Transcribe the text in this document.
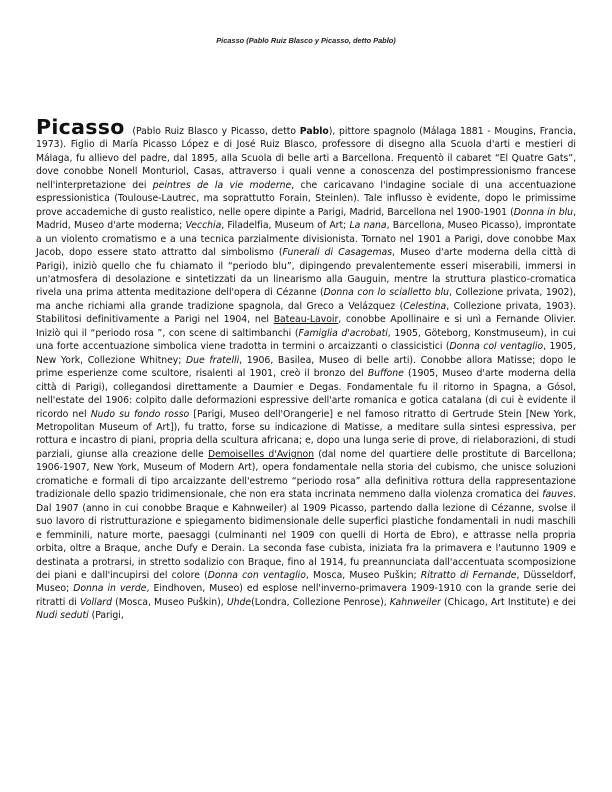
Picasso (Pablo Ruiz Blasco y Picasso, detto Pablo)

Picasso (Pablo Ruiz Blasco y Picasso, detto Pablo), pittore spagnolo (Málaga 1881 - Mougins, Francia, 1973). Figlio di María Picasso López e di José Ruiz Blasco, professore di disegno alla Scuola d'arti e mestieri di Málaga, fu allievo del padre, dal 1895, alla Scuola di belle arti a Barcellona. Frequentò il cabaret “El Quatre Gats”, dove conobbe Nonell Monturiol, Casas, attraverso i quali venne a conoscenza del postimpressionismo francese nell'interpretazione dei peintres de la vie moderne, che caricavano l'indagine sociale di una accentuazione espressionistica (Toulouse-Lautrec, ma soprattutto Forain, Steinlen). Tale influsso è evidente, dopo le primissime prove accademiche di gusto realistico, nelle opere dipinte a Parigi, Madrid, Barcellona nel 1900-1901 (Donna in blu, Madrid, Museo d'arte moderna; Vecchia, Filadelfia, Museum of Art; La nana, Barcellona, Museo Picasso), improntate a un violento cromatismo e a una tecnica parzialmente divisionista. Tornato nel 1901 a Parigi, dove conobbe Max Jacob, dopo essere stato attratto dal simbolismo (Funerali di Casagemas, Museo d'arte moderna della città di Parigi), iniziò quello che fu chiamato il “periodo blu”, dipingendo prevalentemente esseri miserabili, immersi in un'atmosfera di desolazione e sintetizzati da un linearismo alla Gauguin, mentre la struttura plastico-cromatica rivela una prima attenta meditazione dell'opera di Cézanne (Donna con lo scialletto blu, Collezione privata, 1902), ma anche richiami alla grande tradizione spagnola, dal Greco a Velázquez (Celestina, Collezione privata, 1903). Stabilitosi definitivamente a Parigi nel 1904, nel Bateau-Lavoir, conobbe Apollinaire e si unì a Fernande Olivier. Iniziò qui il “periodo rosa ”, con scene di saltimbanchi (Famiglia d'acrobati, 1905, Göteborg, Konstmuseum), in cui una forte accentuazione simbolica viene tradotta in termini o arcaizzanti o classicistici (Donna col ventaglio, 1905, New York, Collezione Whitney; Due fratelli, 1906, Basilea, Museo di belle arti). Conobbe allora Matisse; dopo le prime esperienze come scultore, risalenti al 1901, creò il bronzo del Buffone (1905, Museo d'arte moderna della città di Parigi), collegandosi direttamente a Daumier e Degas. Fondamentale fu il ritorno in Spagna, a Gósol, nell'estate del 1906: colpito dalle deformazioni espressive dell'arte romanica e gotica catalana (di cui è evidente il ricordo nel Nudo su fondo rosso [Parigi, Museo dell'Orangerie] e nel famoso ritratto di Gertrude Stein [New York, Metropolitan Museum of Art]), fu tratto, forse su indicazione di Matisse, a meditare sulla sintesi espressiva, per rottura e incastro di piani, propria della scultura africana; e, dopo una lunga serie di prove, di rielaborazioni, di studi parziali, giunse alla creazione delle Demoiselles d'Avignon (dal nome del quartiere delle prostitute di Barcellona; 1906-1907, New York, Museum of Modern Art), opera fondamentale nella storia del cubismo, che unisce soluzioni cromatiche e formali di tipo arcaizzante dell'estremo “periodo rosa” alla definitiva rottura della rappresentazione tradizionale dello spazio tridimensionale, che non era stata incrinata nemmeno dalla violenza cromatica dei fauves. Dal 1907 (anno in cui conobbe Braque e Kahnweiler) al 1909 Picasso, partendo dalla lezione di Cézanne, svolse il suo lavoro di ristrutturazione e spiegamento bidimensionale delle superfici plastiche fondamentali in nudi maschili e femminili, nature morte, paesaggi (culminanti nel 1909 con quelli di Horta de Ebro), e attrasse nella propria orbita, oltre a Braque, anche Dufy e Derain. La seconda fase cubista, iniziata fra la primavera e l'autunno 1909 e destinata a protrarsi, in stretto sodalizio con Braque, fino al 1914, fu preannunciata dall'accentuata scomposizione dei piani e dall'incupirsi del colore (Donna con ventaglio, Mosca, Museo Puškin; Ritratto di Fernande, Düsseldorf, Museo; Donna in verde, Eindhoven, Museo) ed esplose nell'inverno-primavera 1909-1910 con la grande serie dei ritratti di Vollard (Mosca, Museo Puškin), Uhde(Londra, Collezione Penrose), Kahnweiler (Chicago, Art Institute) e dei Nudi seduti (Parigi,
